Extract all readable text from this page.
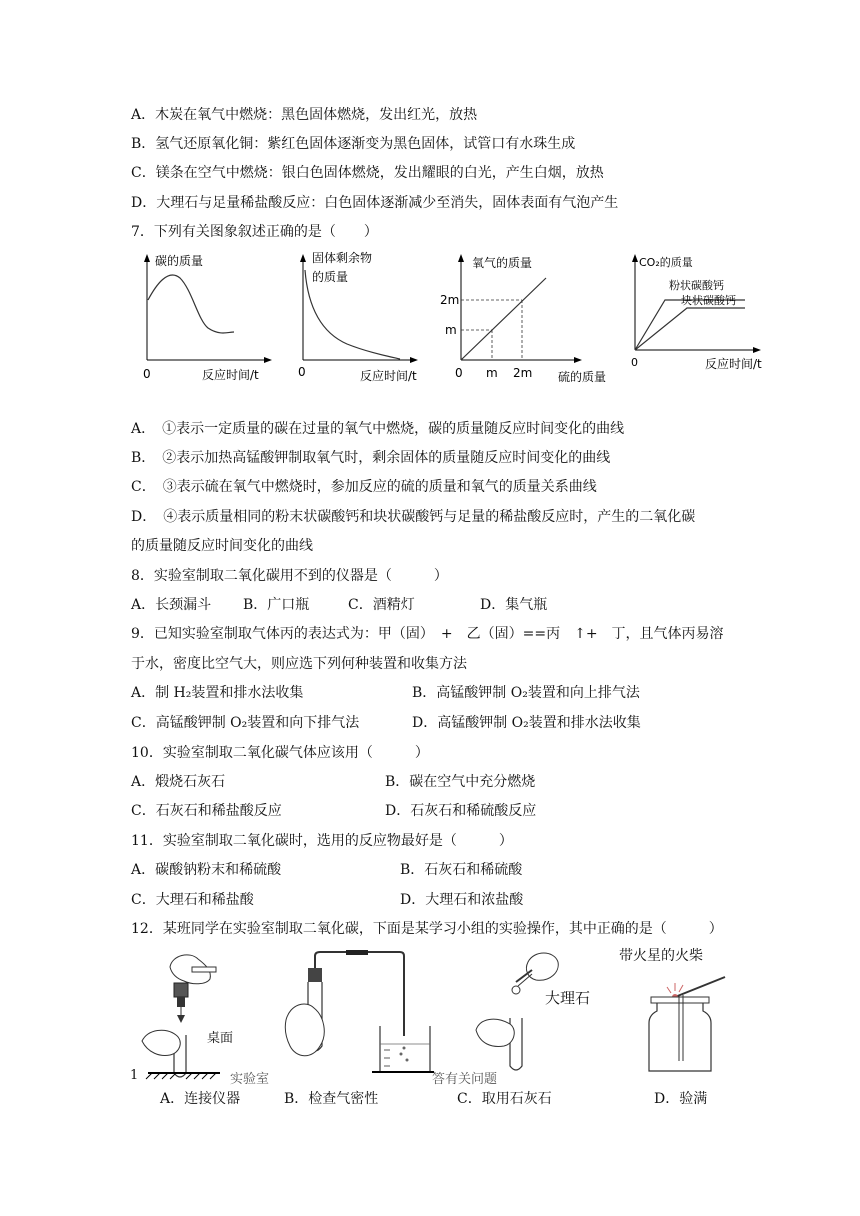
A．木炭在氧气中燃烧：黑色固体燃烧，发出红光，放热
B．氢气还原氧化铜：紫红色固体逐渐变为黑色固体，试管口有水珠生成
C．镁条在空气中燃烧：银白色固体燃烧，发出耀眼的白光，产生白烟，放热
D．大理石与足量稀盐酸反应：白色固体逐渐减少至消失，固体表面有气泡产生
7．下列有关图象叙述正确的是（　　）
碳的质量
0	反应时间/t
固体剩余物
的质量
0	反应时间/t
氧气的质量
m
2m
0 m 2m 硫的质量
CO₂的质量
粉状碳酸钙
块状碳酸钙
0	反应时间/t
A．　①表示一定质量的碳在过量的氧气中燃烧，碳的质量随反应时间变化的曲线
B．　②表示加热高锰酸钾制取氧气时，剩余固体的质量随反应时间变化的曲线
C．　③表示硫在氧气中燃烧时，参加反应的硫的质量和氧气的质量关系曲线
D．　④表示质量相同的粉末状碳酸钙和块状碳酸钙与足量的稀盐酸反应时，产生的二氧化碳
的质量随反应时间变化的曲线
8．实验室制取二氧化碳用不到的仪器是（　　　）
A．长颈漏斗 B．广口瓶	C．酒精灯	D．集气瓶
9．已知实验室制取气体丙的表达式为：甲（固）　+　乙（固）==丙　↑+　丁，且气体丙易溶
于水，密度比空气大，则应选下列何种装置和收集方法
A．制 H₂装置和排水法收集	B．高锰酸钾制 O₂装置和向上排气法
C．高锰酸钾制 O₂装置和向下排气法	D．高锰酸钾制 O₂装置和排水法收集
10．实验室制取二氧化碳气体应该用（　　　）
A．煅烧石灰石	B．碳在空气中充分燃烧
C．石灰石和稀盐酸反应	D．石灰石和稀硫酸反应
11．实验室制取二氧化碳时，选用的反应物最好是（　　　）
A．碳酸钠粉末和稀硫酸	B．石灰石和稀硫酸
C．大理石和稀盐酸	D．大理石和浓盐酸
12．某班同学在实验室制取二氧化碳，下面是某学习小组的实验操作，其中正确的是（　　　）
桌面
大理石
带火星的火柴
1	实验室	答有关问题
A．连接仪器	B．检查气密性	C．取用石灰石	D．验满
